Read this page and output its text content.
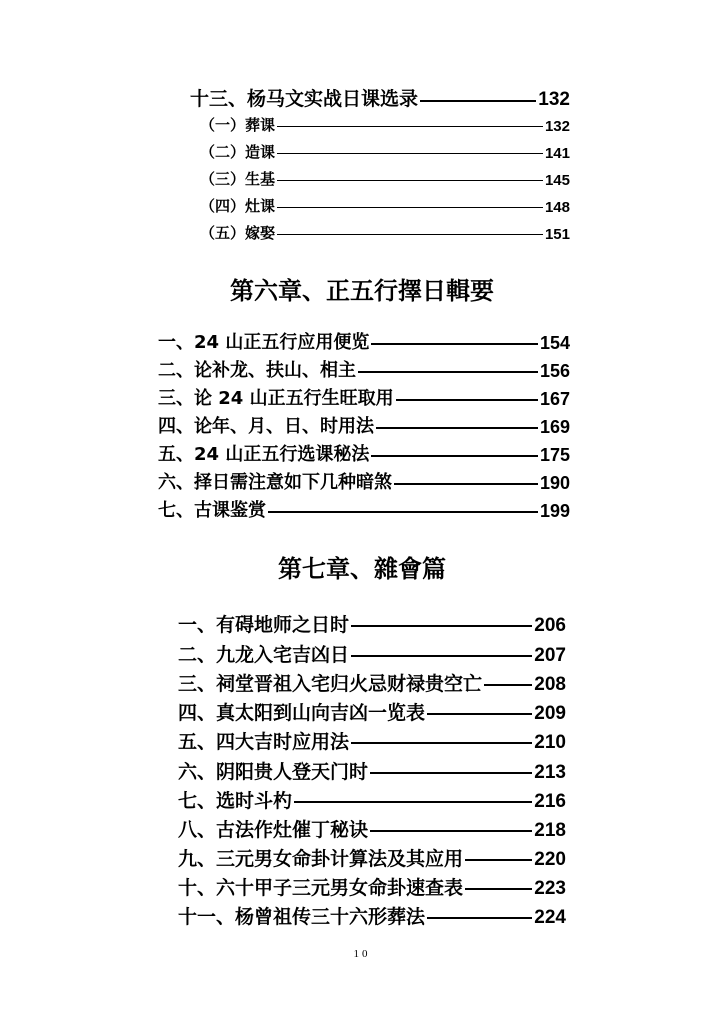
十三、杨马文实战日课选录	132
（一）葬课	132
（二）造课	141
（三）生基	145
（四）灶课	148
（五）嫁娶	151
第六章、正五行擇日輯要
一、24 山正五行应用便览	154
二、论补龙、扶山、相主	156
三、论 24 山正五行生旺取用	167
四、论年、月、日、时用法	169
五、24 山正五行选课秘法	175
六、择日需注意如下几种暗煞	190
七、古课鉴赏	199
第七章、雜會篇
一、有碍地师之日时	206
二、九龙入宅吉凶日	207
三、祠堂晋祖入宅归火忌财禄贵空亡	208
四、真太阳到山向吉凶一览表	209
五、四大吉时应用法	210
六、阴阳贵人登天门时	213
七、选时斗杓	216
八、古法作灶催丁秘诀	218
九、三元男女命卦计算法及其应用	220
十、六十甲子三元男女命卦速查表	223
十一、杨曾祖传三十六形葬法	224
10
